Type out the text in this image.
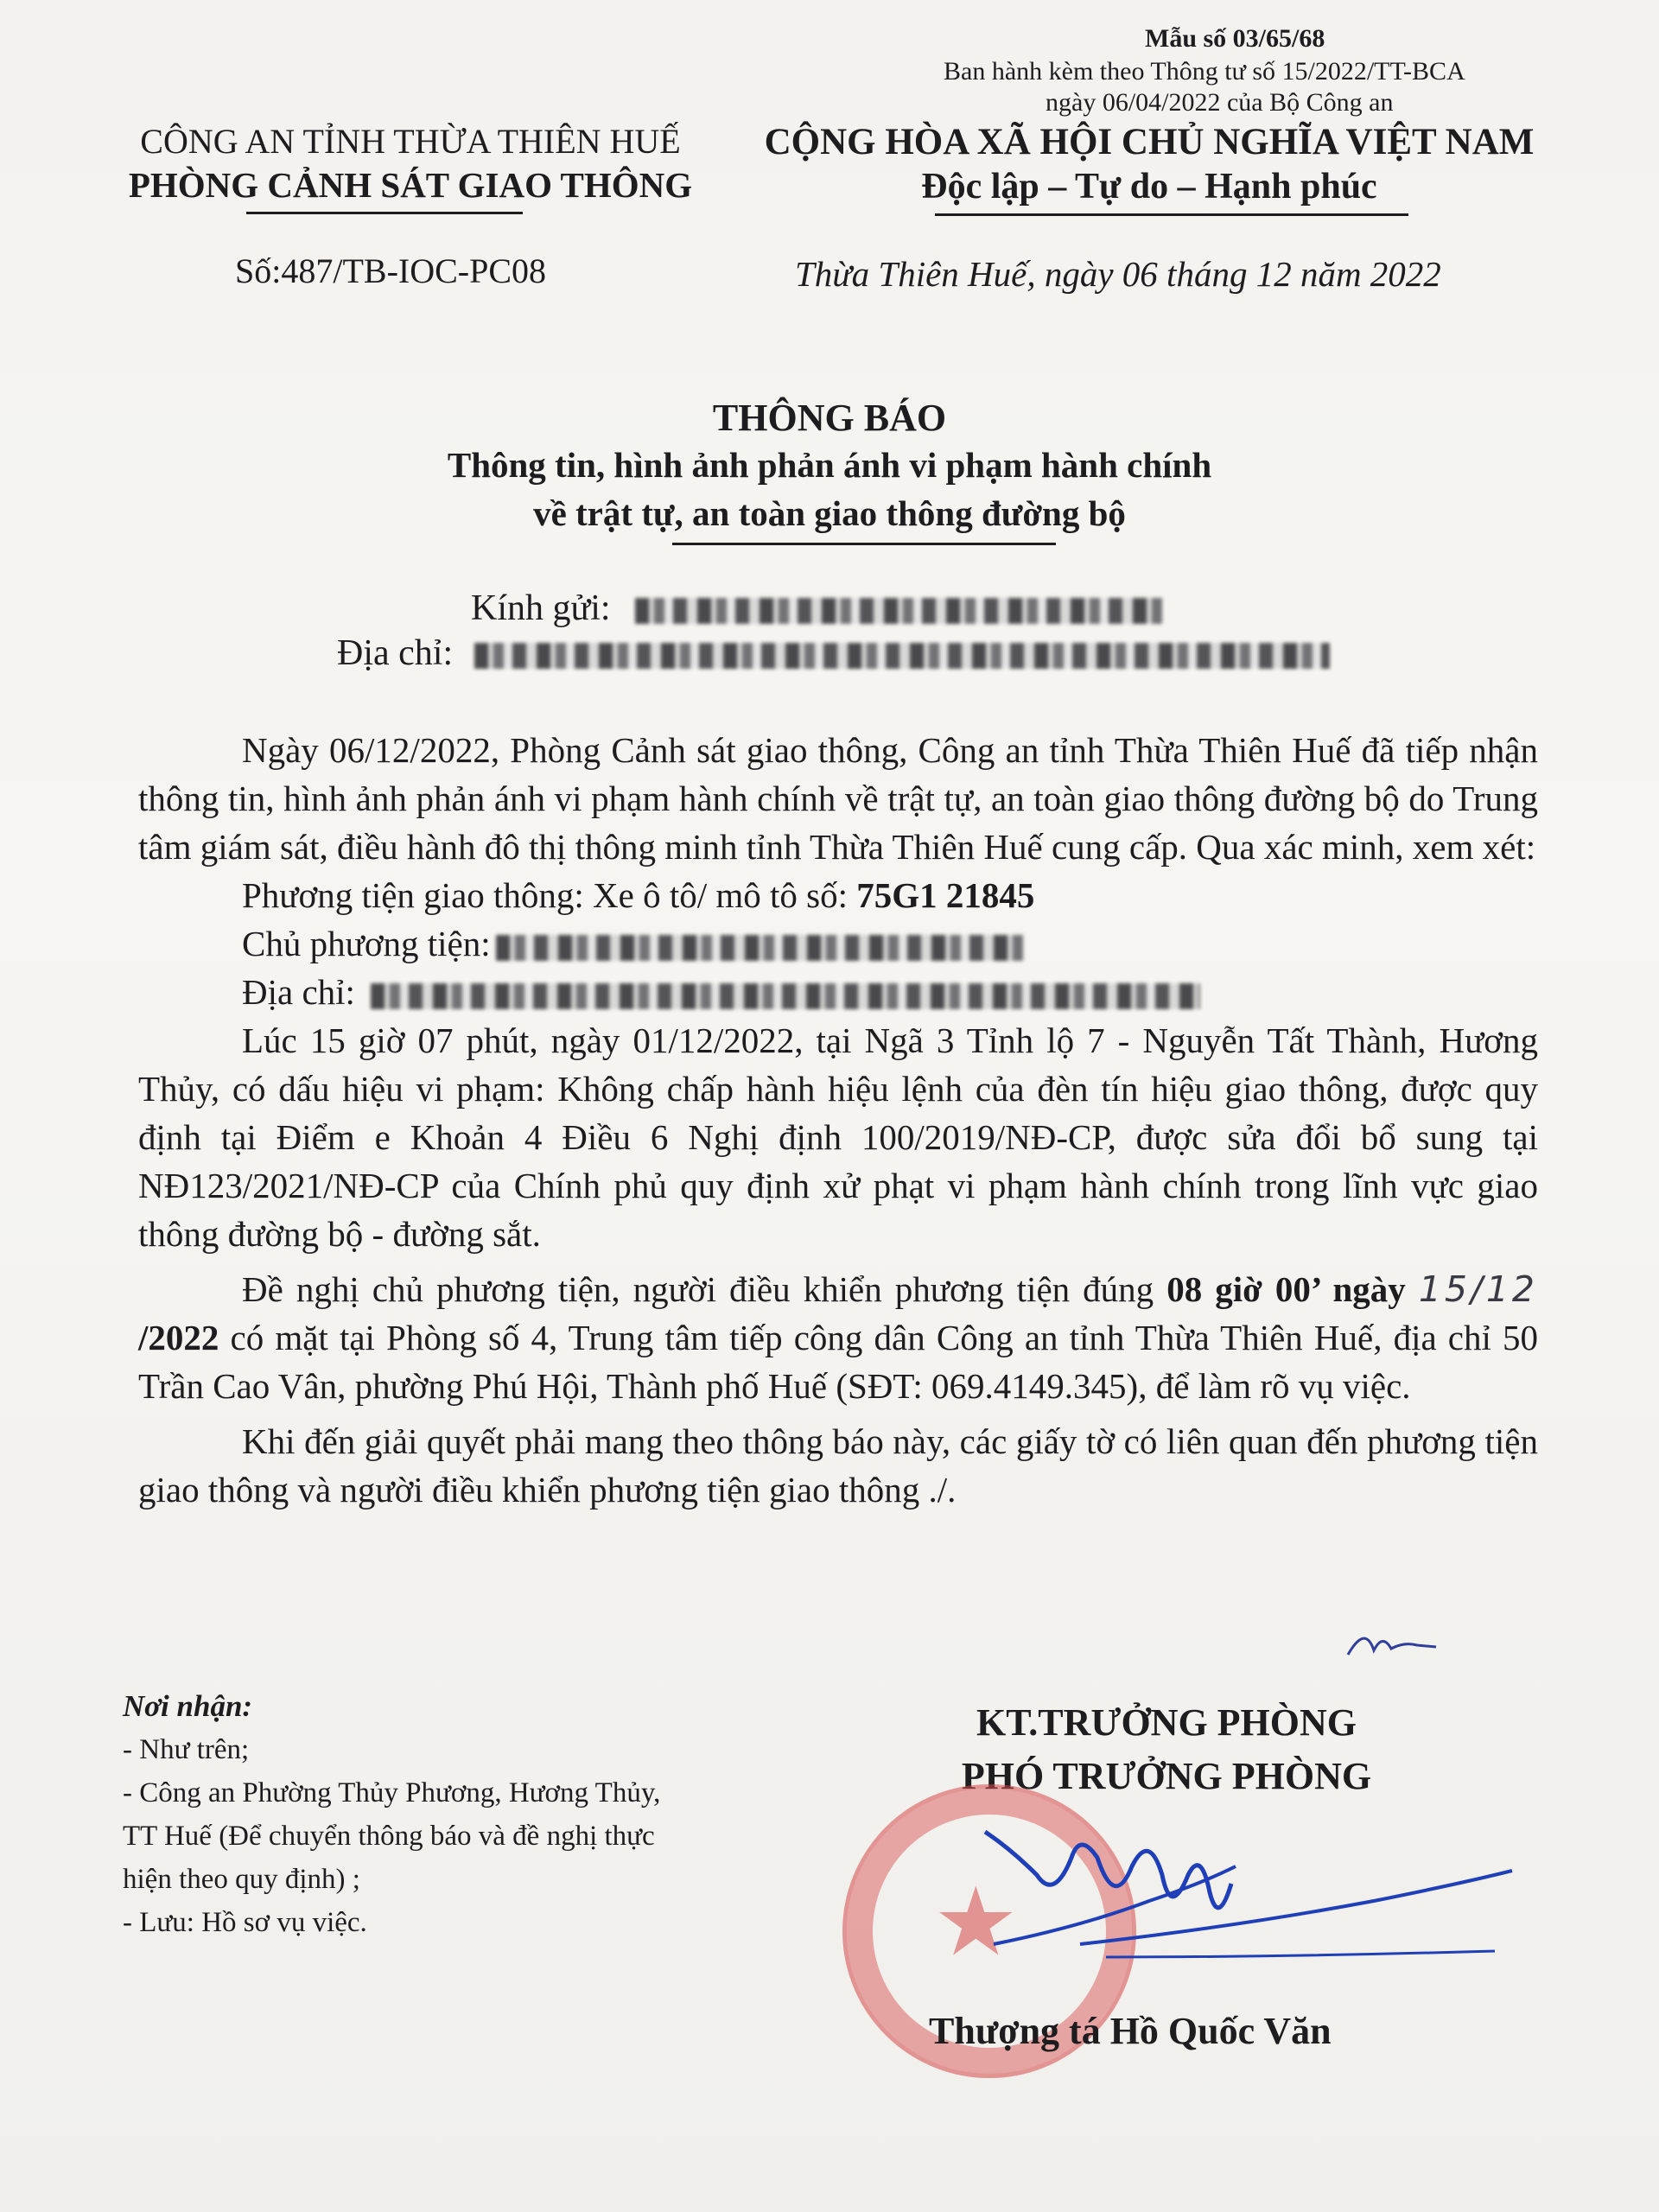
Mẫu số 03/65/68
Ban hành kèm theo Thông tư số 15/2022/TT-BCA
ngày 06/04/2022 của Bộ Công an
CÔNG AN TỈNH THỪA THIÊN HUẾ
PHÒNG CẢNH SÁT GIAO THÔNG
Số:487/TB-IOC-PC08
CỘNG HÒA XÃ HỘI CHỦ NGHĨA VIỆT NAM
Độc lập – Tự do – Hạnh phúc
Thừa Thiên Huế, ngày 06 tháng 12 năm 2022
THÔNG BÁO
Thông tin, hình ảnh phản ánh vi phạm hành chính
về trật tự, an toàn giao thông đường bộ
Kính gửi:
Địa chỉ:

Ngày 06/12/2022, Phòng Cảnh sát giao thông, Công an tỉnh Thừa Thiên Huế đã tiếp nhận thông tin, hình ảnh phản ánh vi phạm hành chính về trật tự, an toàn giao thông đường bộ do Trung tâm giám sát, điều hành đô thị thông minh tỉnh Thừa Thiên Huế cung cấp. Qua xác minh, xem xét:

Phương tiện giao thông: Xe ô tô/ mô tô số: 75G1 21845

Chủ phương tiện:

Địa chỉ:

Lúc 15 giờ 07 phút, ngày 01/12/2022, tại Ngã 3 Tỉnh lộ 7 - Nguyễn Tất Thành, Hương Thủy, có dấu hiệu vi phạm: Không chấp hành hiệu lệnh của đèn tín hiệu giao thông, được quy định tại Điểm e Khoản 4 Điều 6 Nghị định 100/2019/NĐ-CP, được sửa đổi bổ sung tại NĐ123/2021/NĐ-CP của Chính phủ quy định xử phạt vi phạm hành chính trong lĩnh vực giao thông đường bộ - đường sắt.

Đề nghị chủ phương tiện, người điều khiển phương tiện đúng 08 giờ 00’ ngày 15/12 /2022 có mặt tại Phòng số 4, Trung tâm tiếp công dân Công an tỉnh Thừa Thiên Huế, địa chỉ 50 Trần Cao Vân, phường Phú Hội, Thành phố Huế (SĐT: 069.4149.345), để làm rõ vụ việc.

Khi đến giải quyết phải mang theo thông báo này, các giấy tờ có liên quan đến phương tiện giao thông và người điều khiển phương tiện giao thông ./.

Nơi nhận:
- Như trên;
- Công an Phường Thủy Phương, Hương Thủy,
TT Huế (Để chuyển thông báo và đề nghị thực
hiện theo quy định) ;
- Lưu: Hồ sơ vụ việc.
KT.TRƯỞNG PHÒNG
PHÓ TRƯỞNG PHÒNG
★
Thượng tá Hồ Quốc Văn
